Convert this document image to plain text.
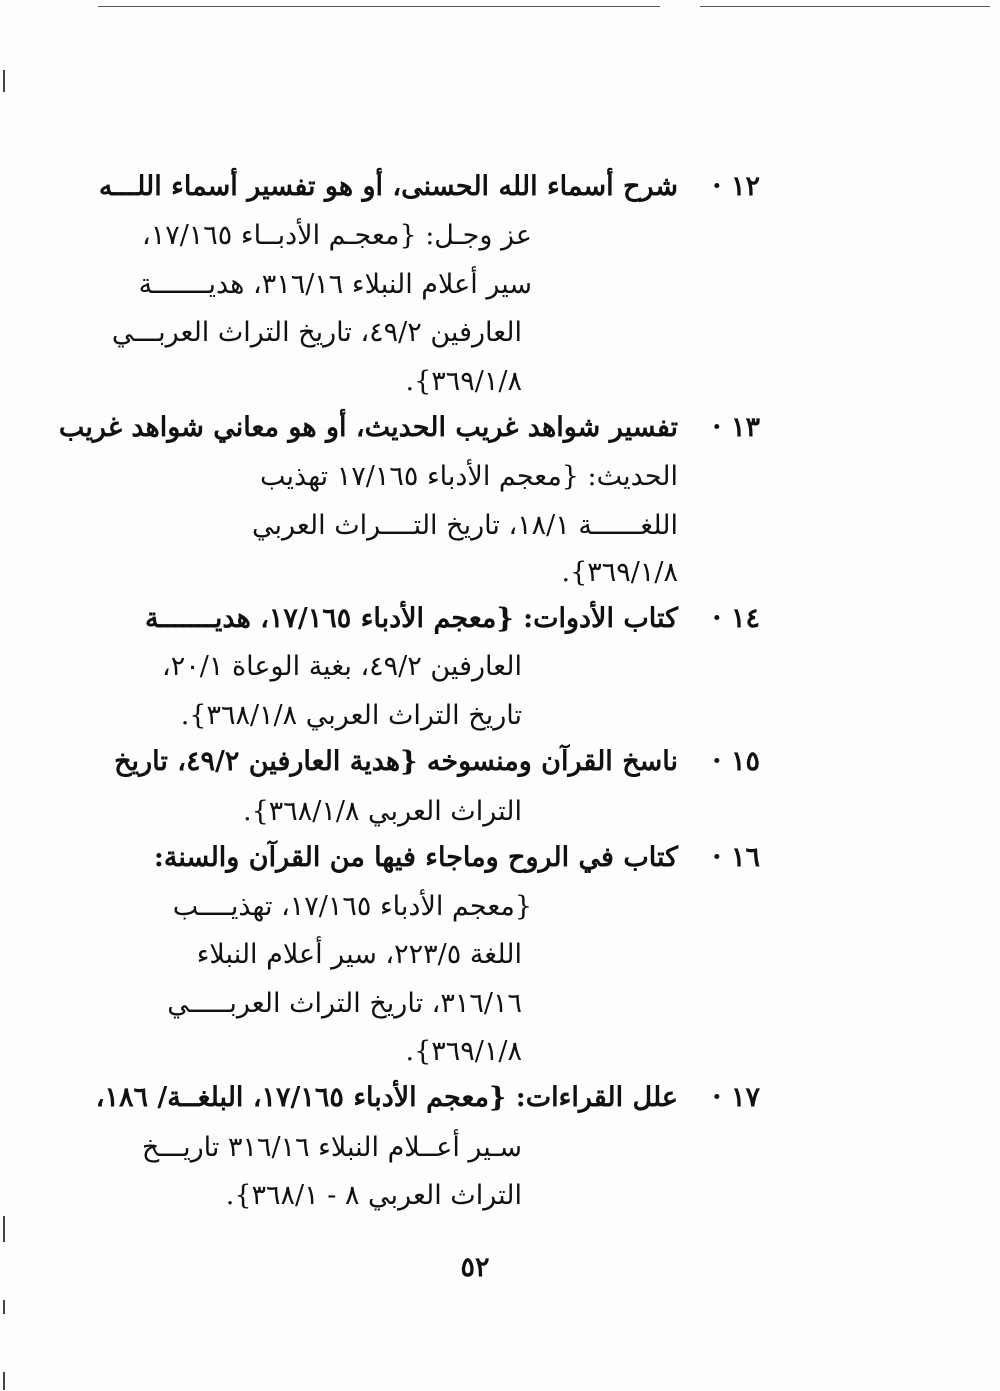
١٢ ·
شرح أسماء الله الحسنى، أو هو تفسير أسماء اللـــه
عز وجـل: {معجـم الأدبــاء ١٧/١٦٥،
سير أعلام النبلاء ٣١٦/١٦، هديـــــــة
العارفين ٤٩/٢، تاريخ التراث العربـــي
٣٦٩/١/٨}.
١٣ ·
تفسير شواهد غريب الحديث، أو هو معاني شواهد غريب
الحديث: {معجم الأدباء ١٧/١٦٥ تهذيب
اللغــــــة ١٨/١، تاريخ التــــراث العربي
٣٦٩/١/٨}.
١٤ ·
كتاب الأدوات: {معجم الأدباء ١٧/١٦٥، هديـــــــة
العارفين ٤٩/٢، بغية الوعاة ٢٠/١،
تاريخ التراث العربي ٣٦٨/١/٨}.
١٥ ·
ناسخ القرآن ومنسوخه {هدية العارفين ٤٩/٢، تاريخ
التراث العربي ٣٦٨/١/٨}.
١٦ ·
كتاب في الروح وماجاء فيها من القرآن والسنة:
{معجم الأدباء ١٧/١٦٥، تهذيــــب
اللغة ٢٢٣/٥، سير أعلام النبلاء
٣١٦/١٦، تاريخ التراث العربـــــي
٣٦٩/١/٨}.
١٧ ·
علل القراءات: {معجم الأدباء ١٧/١٦٥، البلغــة/ ١٨٦،
سـير أعــلام النبلاء ٣١٦/١٦ تاريـــخ
التراث العربي ٨ - ٣٦٨/١}.
٥٢
